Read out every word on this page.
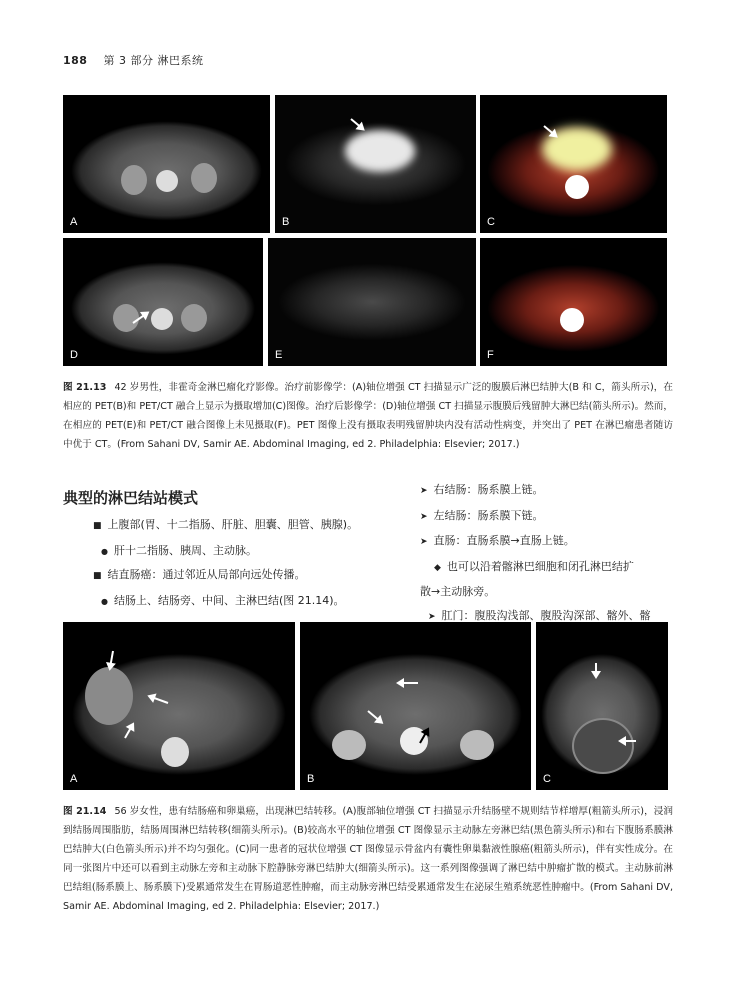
188 第 3 部分 淋巴系统
A	B	C
D	E	F
图 21.13 42 岁男性，非霍奇金淋巴瘤化疗影像。治疗前影像学：(A)轴位增强 CT 扫描显示广泛的腹膜后淋巴结肿大(B 和 C，箭头所示)，在相应的 PET(B)和 PET/CT 融合上显示为摄取增加(C)图像。治疗后影像学：(D)轴位增强 CT 扫描显示腹膜后残留肿大淋巴结(箭头所示)。然而，在相应的 PET(E)和 PET/CT 融合图像上未见摄取(F)。PET 图像上没有摄取表明残留肿块内没有活动性病变，并突出了 PET 在淋巴瘤患者随访中优于 CT。(From Sahani DV, Samir AE. Abdominal Imaging, ed 2. Philadelphia: Elsevier; 2017.)
典型的淋巴结站模式
■ 上腹部(胃、十二指肠、肝脏、胆囊、胆管、胰腺)。
● 肝十二指肠、胰周、主动脉。
■ 结直肠癌：通过邻近从局部向远处传播。
● 结肠上、结肠旁、中间、主淋巴结(图 21.14)。
➤ 右结肠：肠系膜上链。
➤ 左结肠：肠系膜下链。
➤ 直肠：直肠系膜→直肠上链。
◆ 也可以沿着髂淋巴细胞和闭孔淋巴结扩
散→主动脉旁。
➤ 肛门：腹股沟浅部、腹股沟深部、髂外、髂
A	B	C
图 21.14 56 岁女性，患有结肠癌和卵巢癌，出现淋巴结转移。(A)腹部轴位增强 CT 扫描显示升结肠壁不规则结节样增厚(粗箭头所示)，浸润到结肠周围脂肪，结肠周围淋巴结转移(细箭头所示)。(B)较高水平的轴位增强 CT 图像显示主动脉左旁淋巴结(黑色箭头所示)和右下腹肠系膜淋巴结肿大(白色箭头所示)并不均匀强化。(C)同一患者的冠状位增强 CT 图像显示骨盆内有囊性卵巢黏液性腺癌(粗箭头所示)，伴有实性成分。在同一张图片中还可以看到主动脉左旁和主动脉下腔静脉旁淋巴结肿大(细箭头所示)。这一系列图像强调了淋巴结中肿瘤扩散的模式。主动脉前淋巴结组(肠系膜上、肠系膜下)受累通常发生在胃肠道恶性肿瘤，而主动脉旁淋巴结受累通常发生在泌尿生殖系统恶性肿瘤中。(From Sahani DV, Samir AE. Abdominal Imaging, ed 2. Philadelphia: Elsevier; 2017.)
